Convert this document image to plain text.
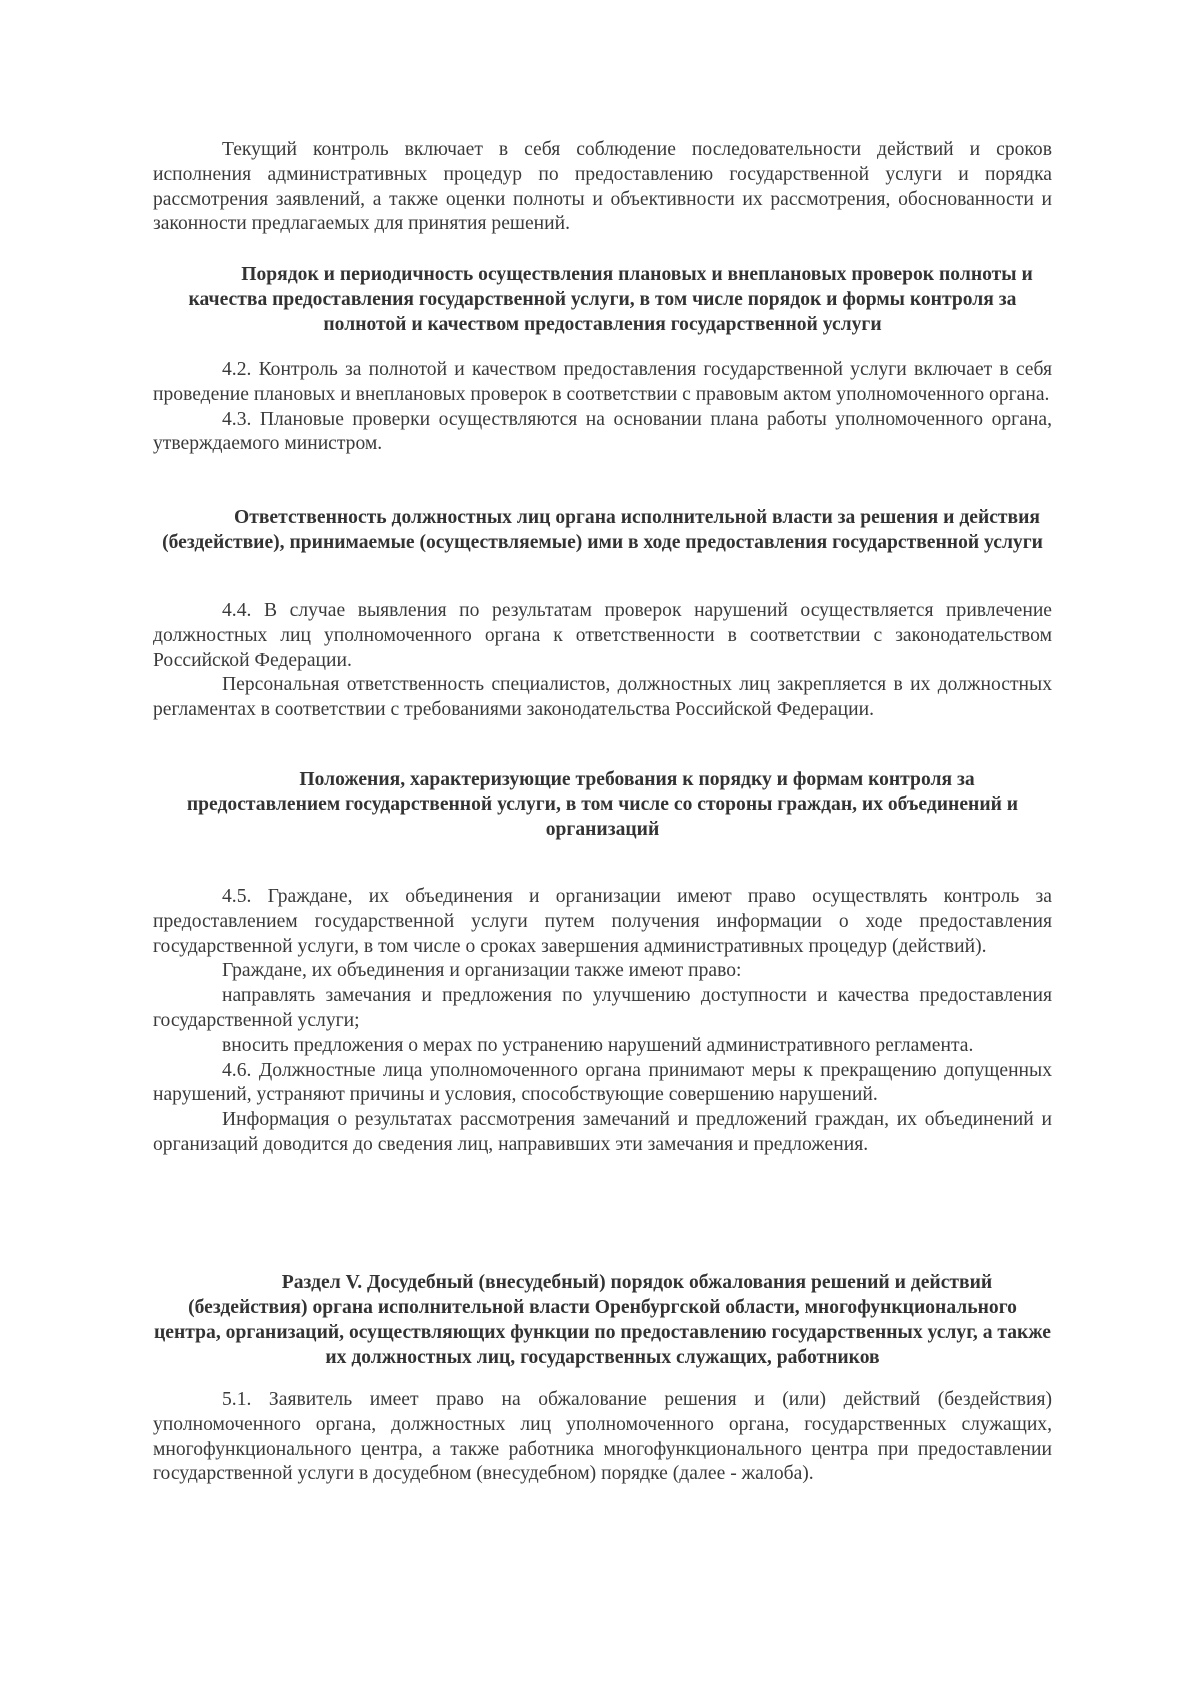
Текущий контроль включает в себя соблюдение последовательности действий и сроков исполнения административных процедур по предоставлению государственной услуги и порядка рассмотрения заявлений, а также оценки полноты и объективности их рассмотрения, обоснованности и законности предлагаемых для принятия решений.

Порядок и периодичность осуществления плановых и внеплановых проверок полноты и качества предоставления государственной услуги, в том числе порядок и формы контроля за полнотой и качеством предоставления государственной услуги

4.2. Контроль за полнотой и качеством предоставления государственной услуги включает в себя проведение плановых и внеплановых проверок в соответствии с правовым актом уполномоченного органа.

4.3. Плановые проверки осуществляются на основании плана работы уполномоченного органа, утверждаемого министром.

Ответственность должностных лиц органа исполнительной власти за решения и действия (бездействие), принимаемые (осуществляемые) ими в ходе предоставления государственной услуги

4.4. В случае выявления по результатам проверок нарушений осуществляется привлечение должностных лиц уполномоченного органа к ответственности в соответствии с законодательством Российской Федерации.

Персональная ответственность специалистов, должностных лиц закрепляется в их должностных регламентах в соответствии с требованиями законодательства Российской Федерации.

Положения, характеризующие требования к порядку и формам контроля за предоставлением государственной услуги, в том числе со стороны граждан, их объединений и организаций

4.5. Граждане, их объединения и организации имеют право осуществлять контроль за предоставлением государственной услуги путем получения информации о ходе предоставления государственной услуги, в том числе о сроках завершения административных процедур (действий).

Граждане, их объединения и организации также имеют право:

направлять замечания и предложения по улучшению доступности и качества предоставления государственной услуги;

вносить предложения о мерах по устранению нарушений административного регламента.

4.6. Должностные лица уполномоченного органа принимают меры к прекращению допущенных нарушений, устраняют причины и условия, способствующие совершению нарушений.

Информация о результатах рассмотрения замечаний и предложений граждан, их объединений и организаций доводится до сведения лиц, направивших эти замечания и предложения.

Раздел V. Досудебный (внесудебный) порядок обжалования решений и действий (бездействия) органа исполнительной власти Оренбургской области, многофункционального центра, организаций, осуществляющих функции по предоставлению государственных услуг, а также их должностных лиц, государственных служащих, работников

5.1. Заявитель имеет право на обжалование решения и (или) действий (бездействия) уполномоченного органа, должностных лиц уполномоченного органа, государственных служащих, многофункционального центра, а также работника многофункционального центра при предоставлении государственной услуги в досудебном (внесудебном) порядке (далее - жалоба).
